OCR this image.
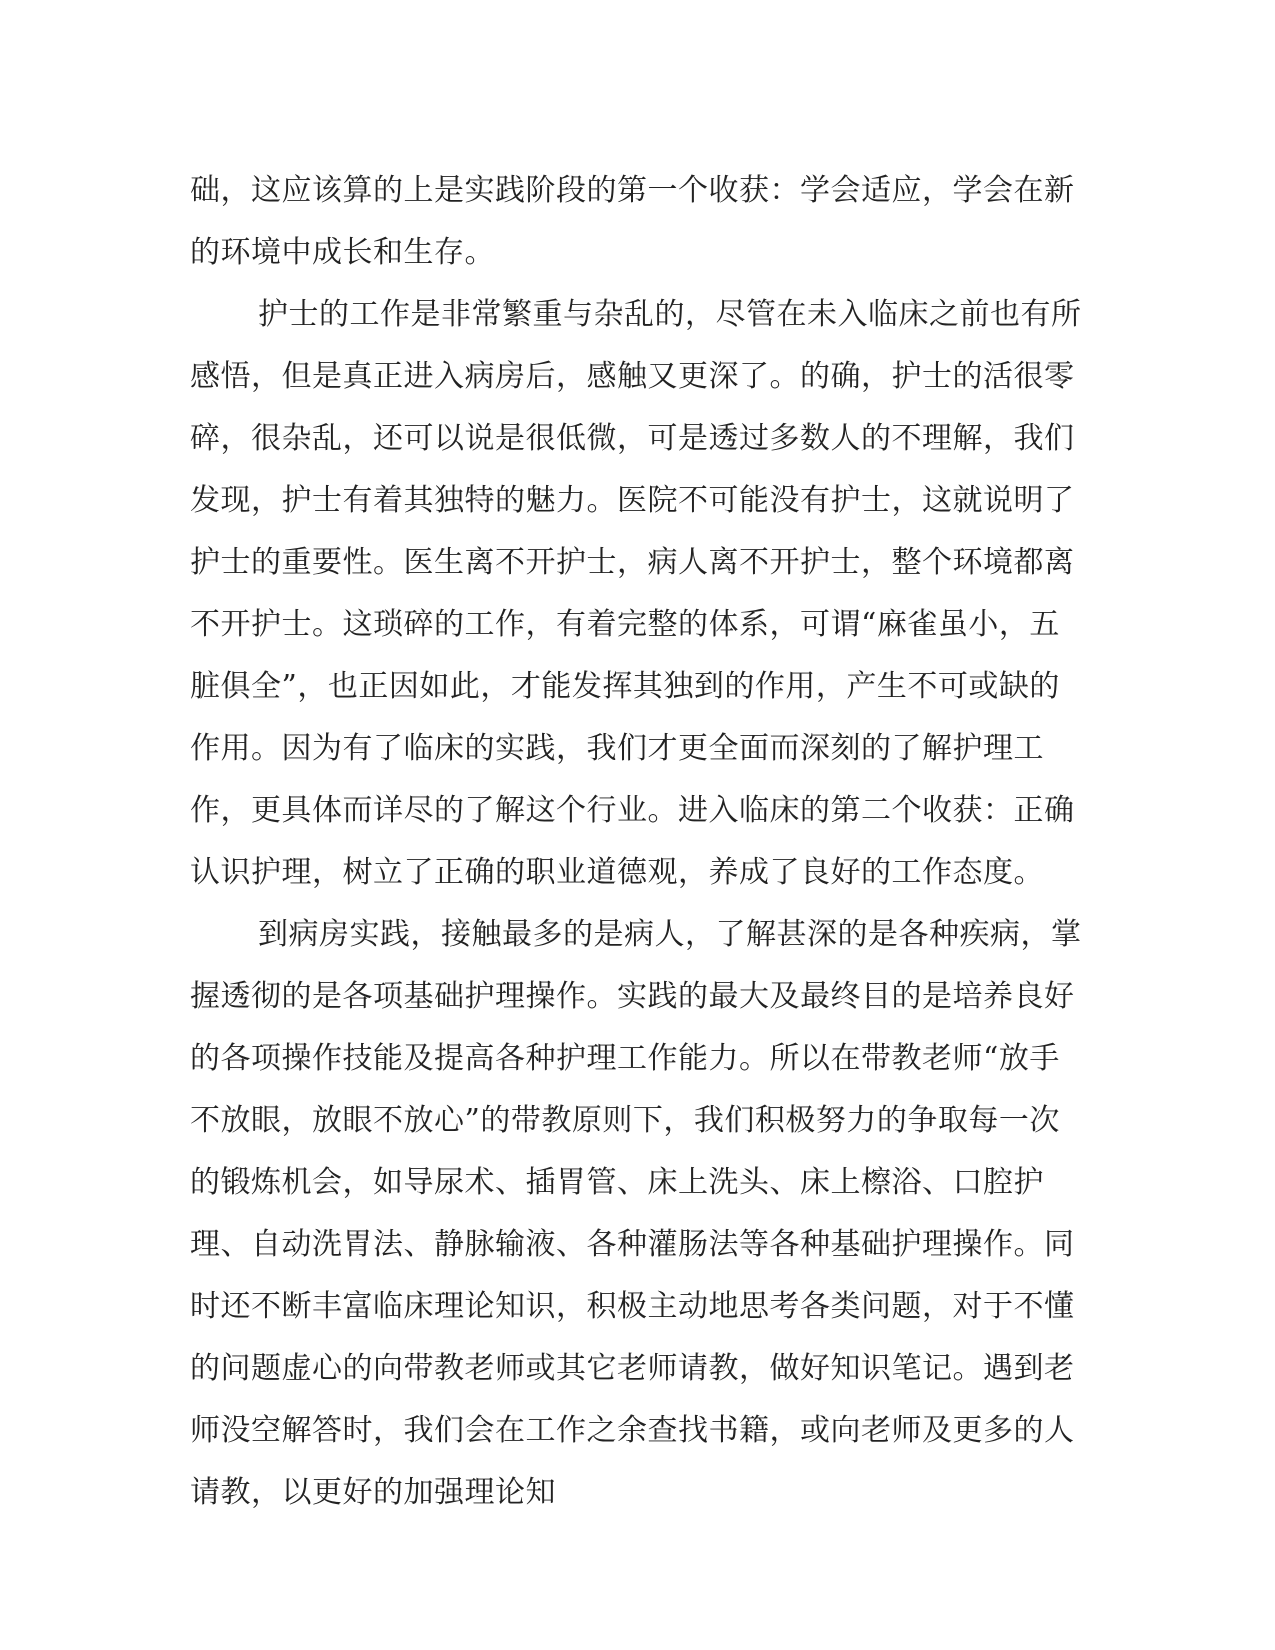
础，这应该算的上是实践阶段的第一个收获：学会适应，学会在新的环境中成长和生存。

护士的工作是非常繁重与杂乱的，尽管在未入临床之前也有所感悟，但是真正进入病房后，感触又更深了。的确，护士的活很零碎，很杂乱，还可以说是很低微，可是透过多数人的不理解，我们发现，护士有着其独特的魅力。医院不可能没有护士，这就说明了护士的重要性。医生离不开护士，病人离不开护士，整个环境都离不开护士。这琐碎的工作，有着完整的体系，可谓“麻雀虽小，五脏俱全”，也正因如此，才能发挥其独到的作用，产生不可或缺的作用。因为有了临床的实践，我们才更全面而深刻的了解护理工作，更具体而详尽的了解这个行业。进入临床的第二个收获：正确认识护理，树立了正确的职业道德观，养成了良好的工作态度。

到病房实践，接触最多的是病人，了解甚深的是各种疾病，掌握透彻的是各项基础护理操作。实践的最大及最终目的是培养良好的各项操作技能及提高各种护理工作能力。所以在带教老师“放手不放眼，放眼不放心”的带教原则下，我们积极努力的争取每一次的锻炼机会，如导尿术、插胃管、床上洗头、床上檫浴、口腔护理、自动洗胃法、静脉输液、各种灌肠法等各种基础护理操作。同时还不断丰富临床理论知识，积极主动地思考各类问题，对于不懂的问题虚心的向带教老师或其它老师请教，做好知识笔记。遇到老师没空解答时，我们会在工作之余查找书籍，或向老师及更多的人请教，以更好的加强理论知
